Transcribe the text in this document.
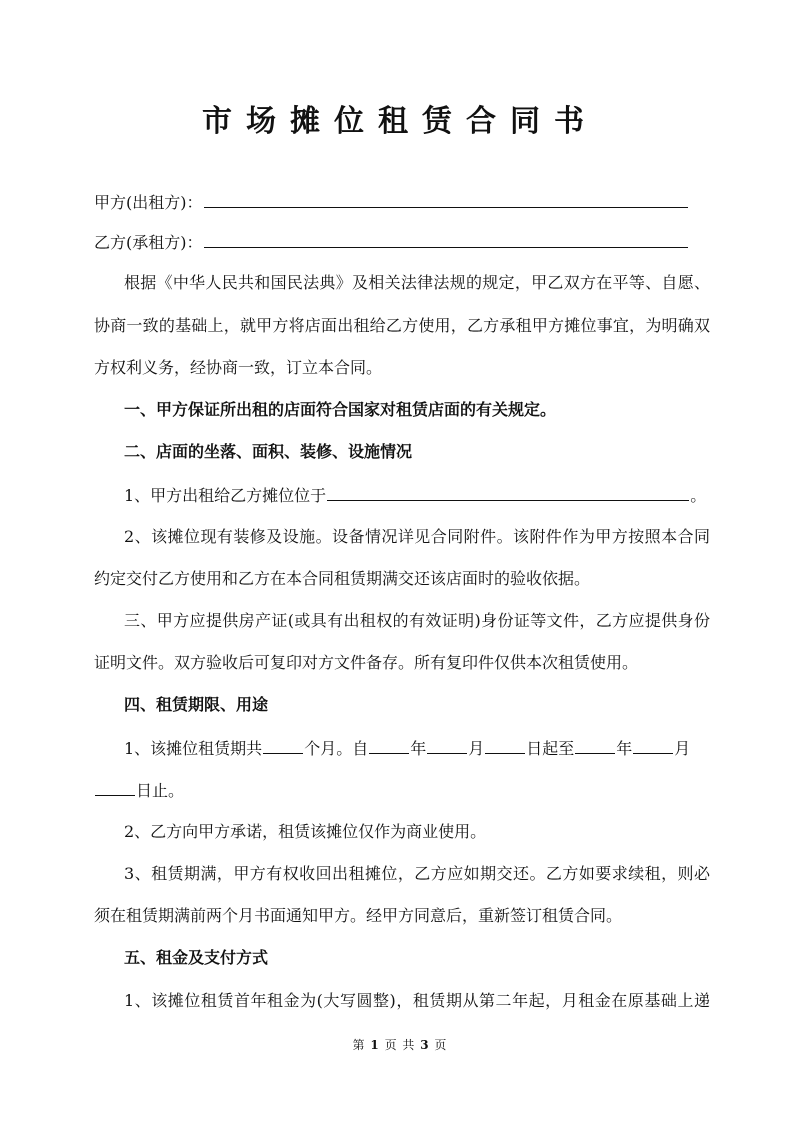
市场摊位租赁合同书
甲方(出租方)：
乙方(承租方)：
根据《中华人民共和国民法典》及相关法律法规的规定，甲乙双方在平等、自愿、
协商一致的基础上，就甲方将店面出租给乙方使用，乙方承租甲方摊位事宜，为明确双
方权利义务，经协商一致，订立本合同。
一、甲方保证所出租的店面符合国家对租赁店面的有关规定。
二、店面的坐落、面积、装修、设施情况
1、甲方出租给乙方摊位位于	。
2、该摊位现有装修及设施。设备情况详见合同附件。该附件作为甲方按照本合同
约定交付乙方使用和乙方在本合同租赁期满交还该店面时的验收依据。
三、甲方应提供房产证(或具有出租权的有效证明)身份证等文件，乙方应提供身份
证明文件。双方验收后可复印对方文件备存。所有复印件仅供本次租赁使用。
四、租赁期限、用途
1、该摊位租赁期共	个月。自	年	月	日起至	年	月
日止。
2、乙方向甲方承诺，租赁该摊位仅作为商业使用。
3、租赁期满，甲方有权收回出租摊位，乙方应如期交还。乙方如要求续租，则必
须在租赁期满前两个月书面通知甲方。经甲方同意后，重新签订租赁合同。
五、租金及支付方式
1、该摊位租赁首年租金为(大写圆整)，租赁期从第二年起，月租金在原基础上递
第 1 页 共 3 页
